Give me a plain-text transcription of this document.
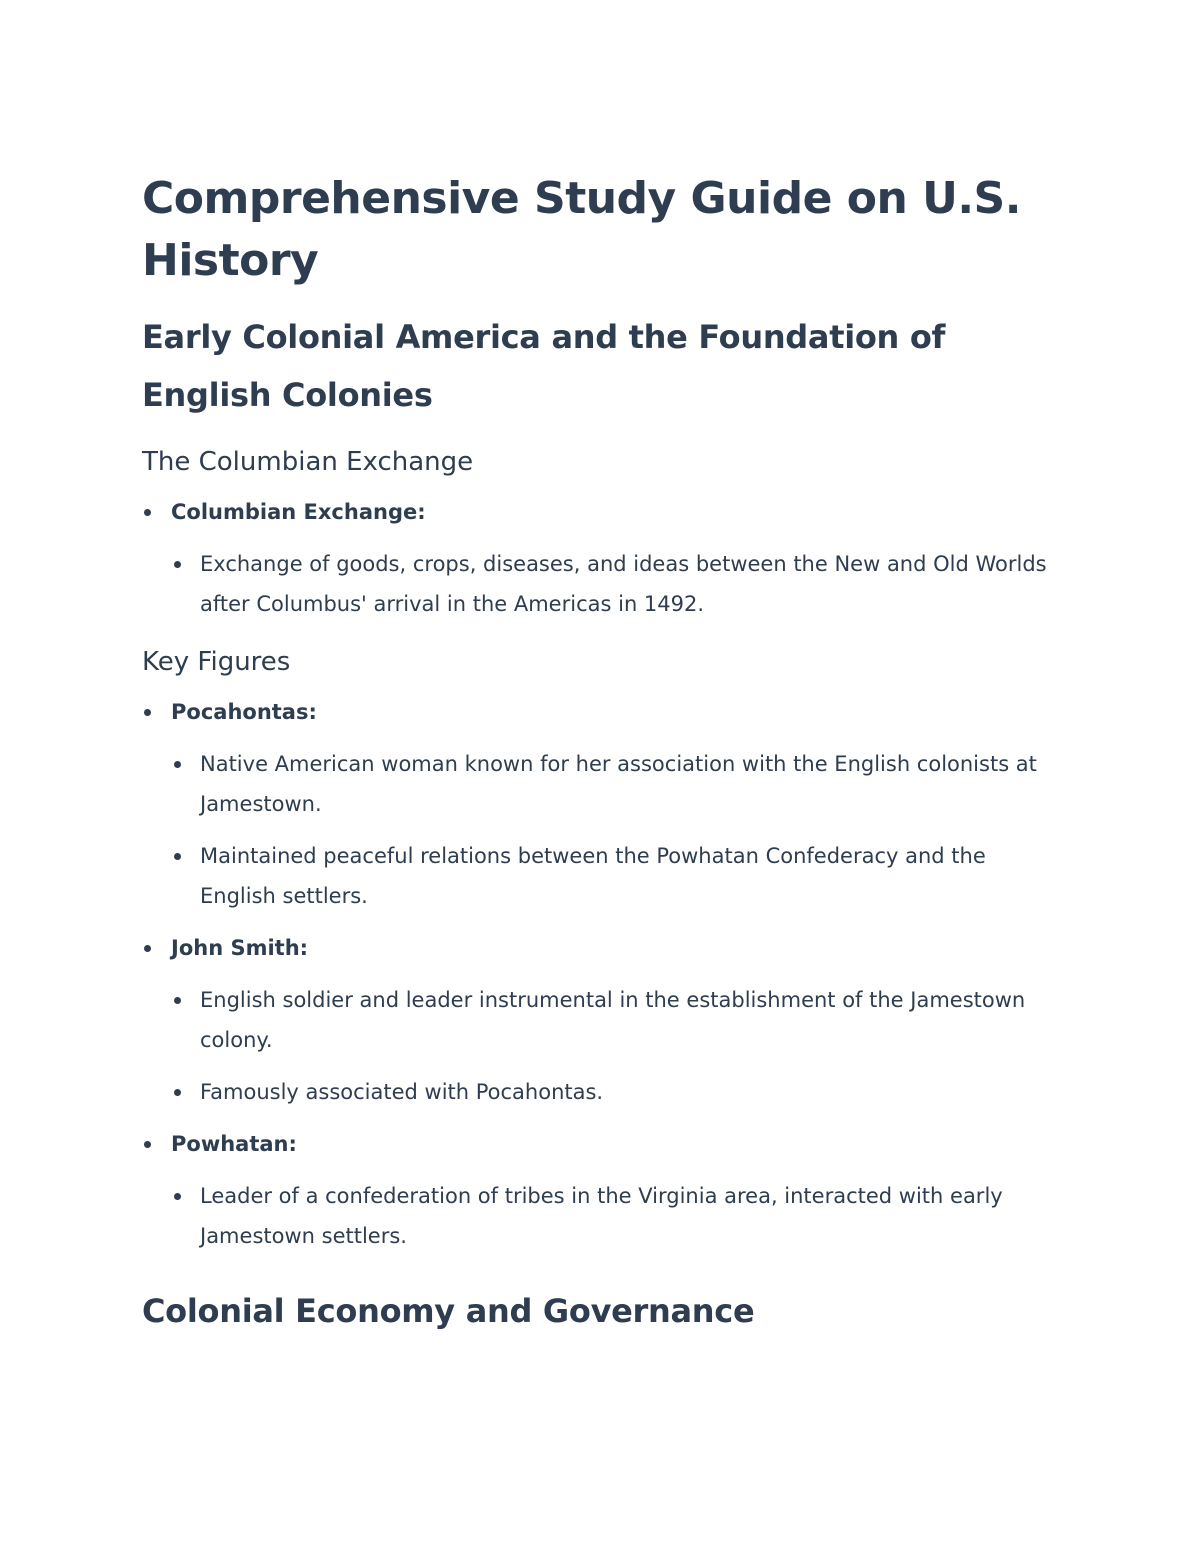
Comprehensive Study Guide on U.S. History
Early Colonial America and the Foundation of English Colonies
The Columbian Exchange
Columbian Exchange:
Exchange of goods, crops, diseases, and ideas between the New and Old Worlds after Columbus' arrival in the Americas in 1492.
Key Figures
Pocahontas:
Native American woman known for her association with the English colonists at Jamestown.
Maintained peaceful relations between the Powhatan Confederacy and the English settlers.
John Smith:
English soldier and leader instrumental in the establishment of the Jamestown colony.
Famously associated with Pocahontas.
Powhatan:
Leader of a confederation of tribes in the Virginia area, interacted with early Jamestown settlers.
Colonial Economy and Governance
